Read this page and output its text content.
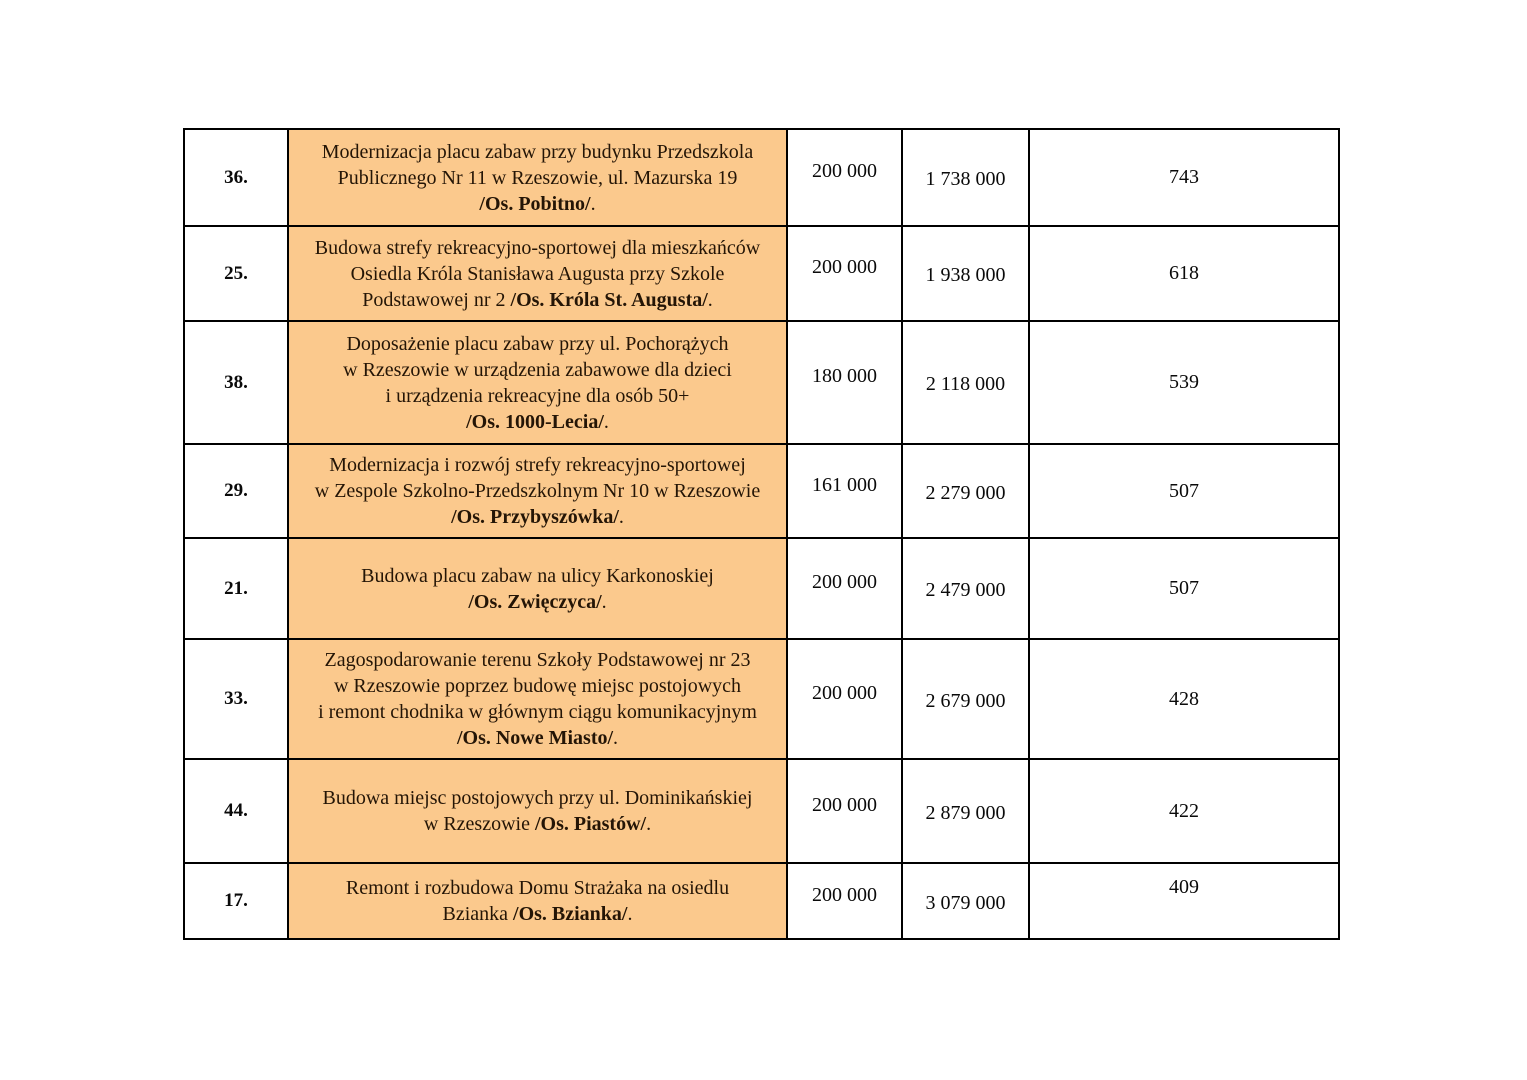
36.	Modernizacja placu zabaw przy budynku Przedszkola
Publicznego Nr 11 w Rzeszowie, ul. Mazurska 19
/Os. Pobitno/.	200 000	1 738 000	743

25.	Budowa strefy rekreacyjno-sportowej dla mieszkańców
Osiedla Króla Stanisława Augusta przy Szkole
Podstawowej nr 2 /Os. Króla St. Augusta/.	200 000	1 938 000	618

38.	Doposażenie placu zabaw przy ul. Pochorążych
w Rzeszowie w urządzenia zabawowe dla dzieci
i urządzenia rekreacyjne dla osób 50+
/Os. 1000-Lecia/.	180 000	2 118 000	539

29.	Modernizacja i rozwój strefy rekreacyjno-sportowej
w Zespole Szkolno-Przedszkolnym Nr 10 w Rzeszowie
/Os. Przybyszówka/.	161 000	2 279 000	507

21.	Budowa placu zabaw na ulicy Karkonoskiej
/Os. Zwięczyca/.	200 000	2 479 000	507

33.	Zagospodarowanie terenu Szkoły Podstawowej nr 23
w Rzeszowie poprzez budowę miejsc postojowych
i remont chodnika w głównym ciągu komunikacyjnym
/Os. Nowe Miasto/.	200 000	2 679 000	428

44.	Budowa miejsc postojowych przy ul. Dominikańskiej
w Rzeszowie /Os. Piastów/.	200 000	2 879 000	422

17.	Remont i rozbudowa Domu Strażaka na osiedlu
Bzianka /Os. Bzianka/.	200 000	3 079 000	409
